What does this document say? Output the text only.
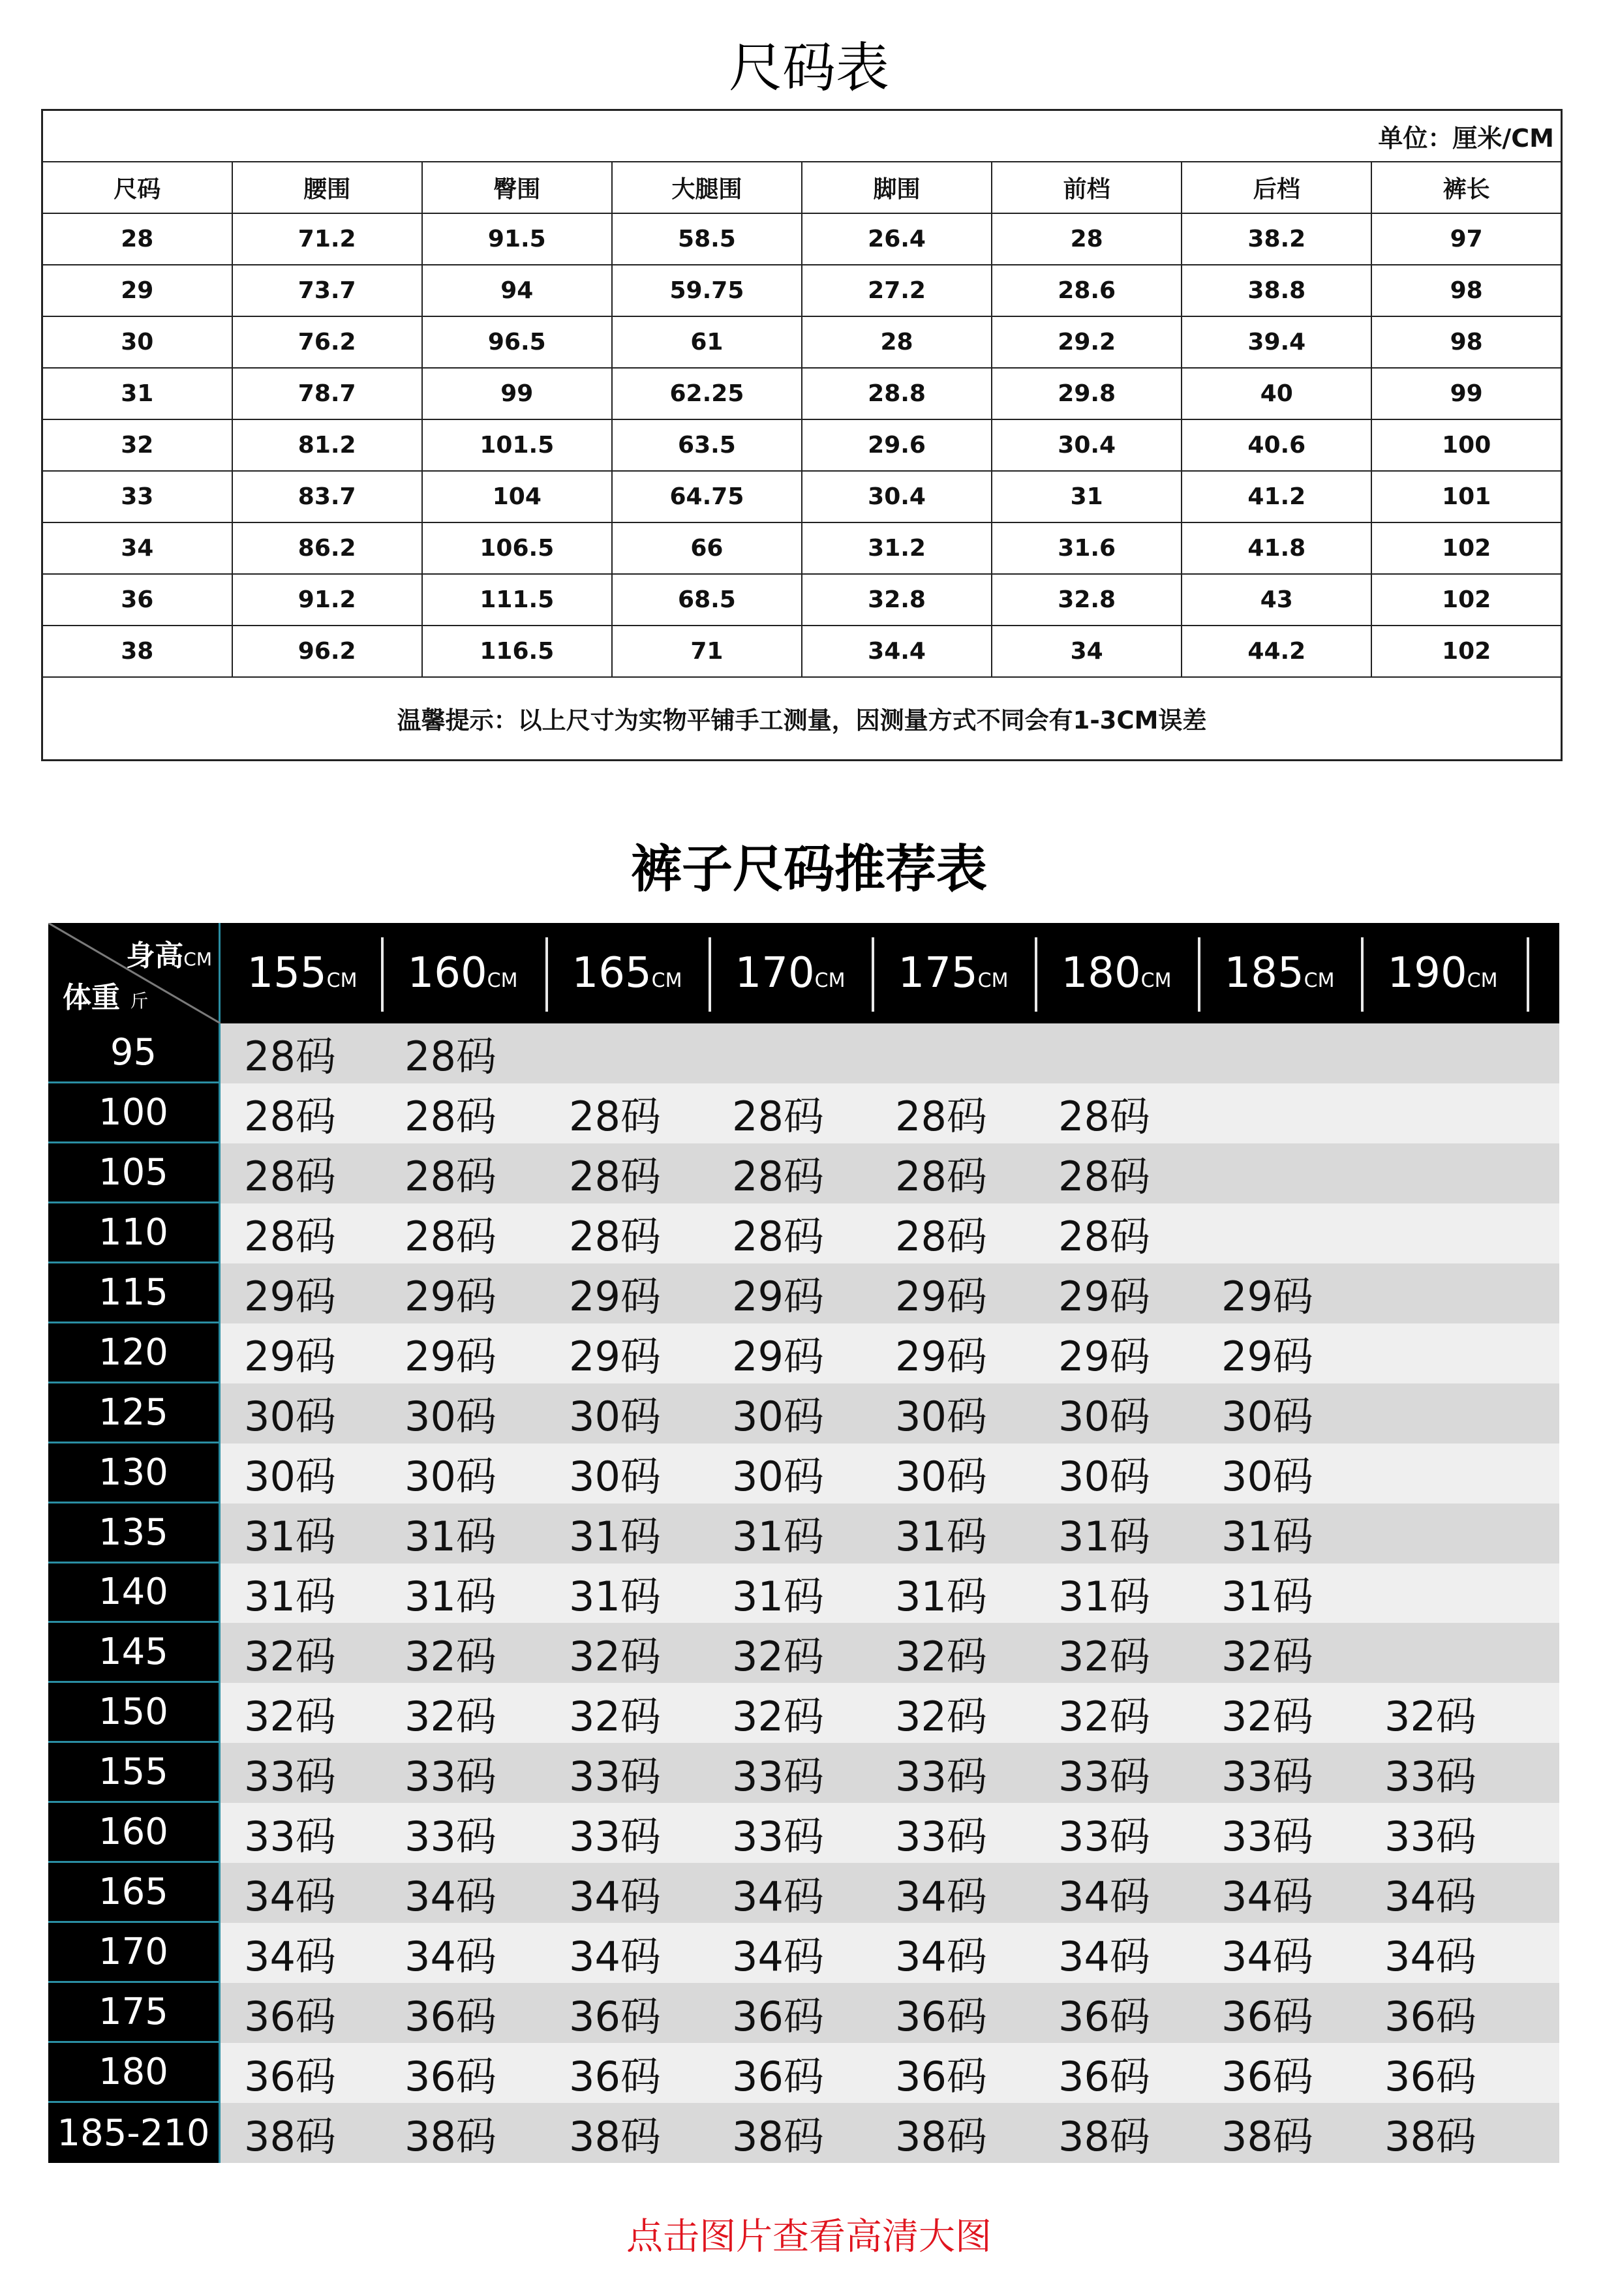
尺码表
单位：厘米/CM							
尺码	腰围	臀围	大腿围	脚围	前档	后档	裤长
28	71.2	91.5	58.5	26.4	28	38.2	97
29	73.7	94	59.75	27.2	28.6	38.8	98
30	76.2	96.5	61	28	29.2	39.4	98
31	78.7	99	62.25	28.8	29.8	40	99
32	81.2	101.5	63.5	29.6	30.4	40.6	100
33	83.7	104	64.75	30.4	31	41.2	101
34	86.2	106.5	66	31.2	31.6	41.8	102
36	91.2	111.5	68.5	32.8	32.8	43	102
38	96.2	116.5	71	34.4	34	44.2	102
温馨提示：以上尺寸为实物平铺手工测量，因测量方式不同会有1-3CM误差							
裤子尺码推荐表
身高CM
体重 斤
155CM	160CM	165CM	170CM	175CM	180CM	185CM	190CM
95	28码	28码
100	28码	28码	28码	28码	28码	28码
105	28码	28码	28码	28码	28码	28码
110	28码	28码	28码	28码	28码	28码
115	29码	29码	29码	29码	29码	29码	29码
120	29码	29码	29码	29码	29码	29码	29码
125	30码	30码	30码	30码	30码	30码	30码
130	30码	30码	30码	30码	30码	30码	30码
135	31码	31码	31码	31码	31码	31码	31码
140	31码	31码	31码	31码	31码	31码	31码
145	32码	32码	32码	32码	32码	32码	32码
150	32码	32码	32码	32码	32码	32码	32码	32码
155	33码	33码	33码	33码	33码	33码	33码	33码
160	33码	33码	33码	33码	33码	33码	33码	33码
165	34码	34码	34码	34码	34码	34码	34码	34码
170	34码	34码	34码	34码	34码	34码	34码	34码
175	36码	36码	36码	36码	36码	36码	36码	36码
180	36码	36码	36码	36码	36码	36码	36码	36码
185-210 38码	38码	38码	38码	38码	38码	38码	38码
点击图片查看高清大图
